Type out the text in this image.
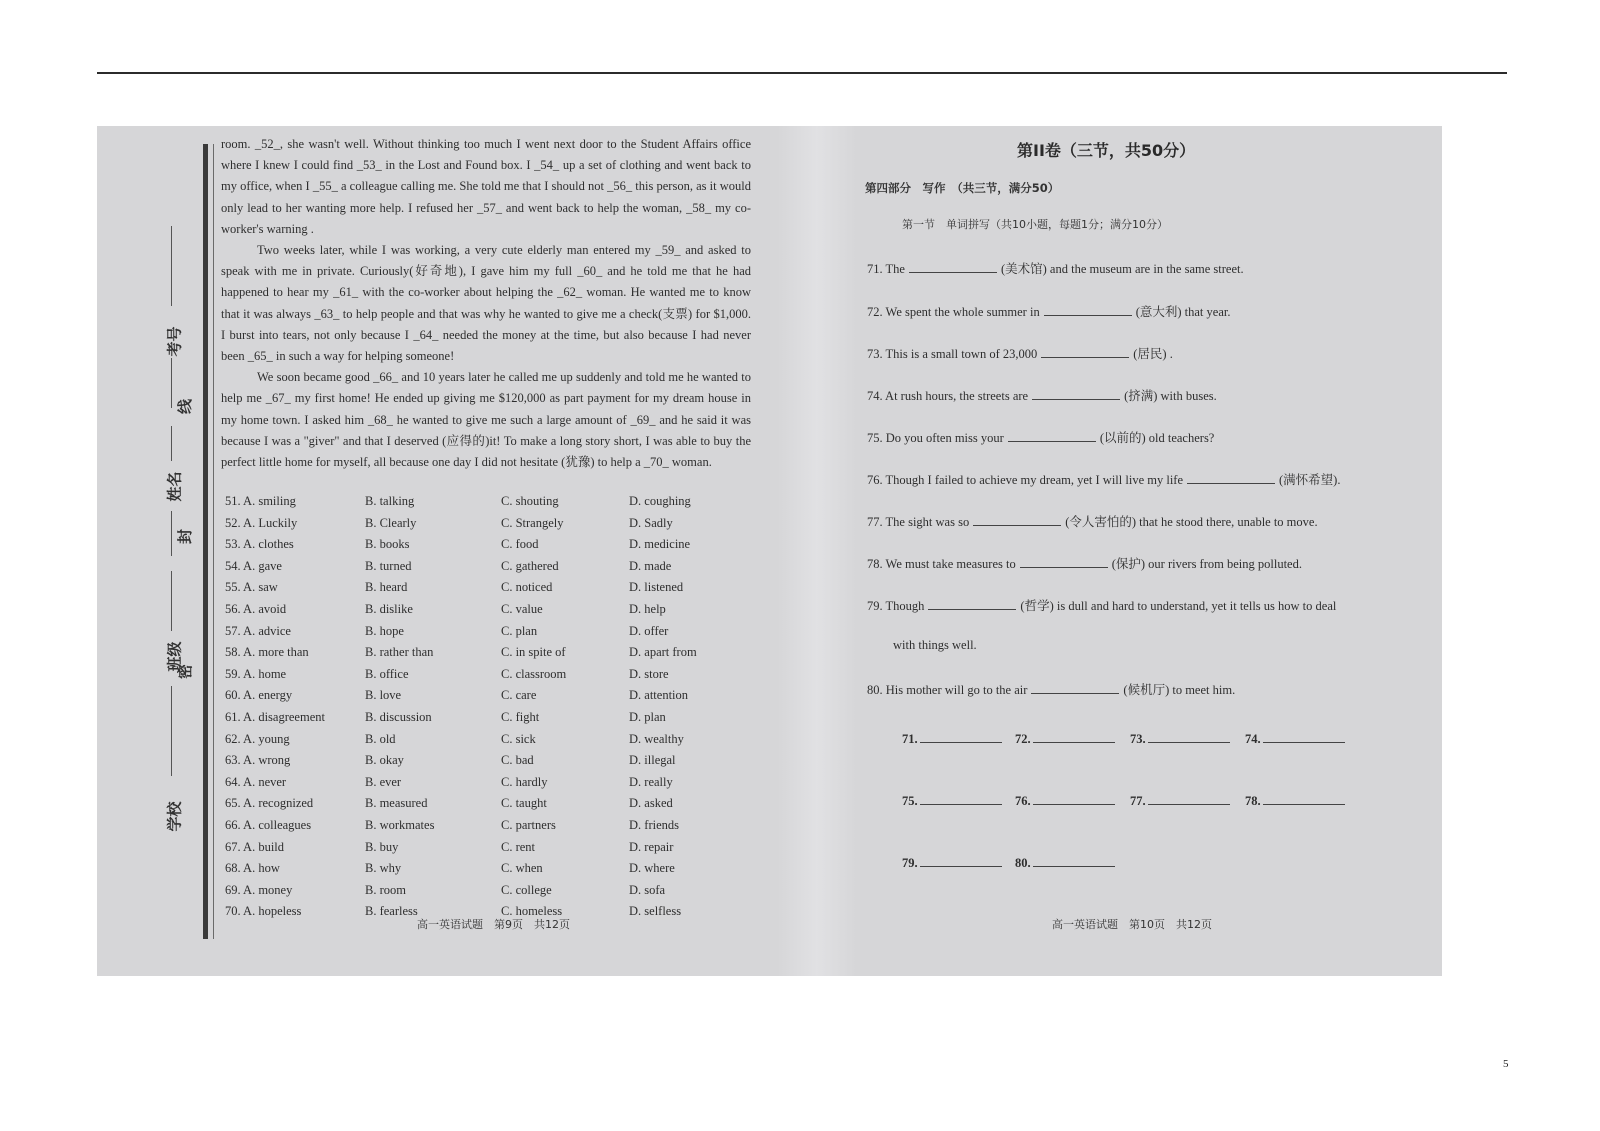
考号
线
姓名
封
班级
密
学校

room. _52_, she wasn't well. Without thinking too much I went next door to the Student Affairs office where I knew I could find _53_ in the Lost and Found box. I _54_ up a set of clothing and went back to my office, when I _55_ a colleague calling me. She told me that I should not _56_ this person, as it would only lead to her wanting more help. I refused her _57_ and went back to help the woman, _58_ my co-worker's warning .

Two weeks later, while I was working, a very cute elderly man entered my _59_ and asked to speak with me in private. Curiously(好奇地), I gave him my full _60_ and he told me that he had happened to hear my _61_ with the co-worker about helping the _62_ woman. He wanted me to know that it was always _63_ to help people and that was why he wanted to give me a check(支票) for $1,000. I burst into tears, not only because I _64_ needed the money at the time, but also because I had never been _65_ in such a way for helping someone!

We soon became good _66_ and 10 years later he called me up suddenly and told me he wanted to help me _67_ my first home! He ended up giving me $120,000 as part payment for my dream house in my home town. I asked him _68_ he wanted to give me such a large amount of _69_ and he said it was because I was a "giver" and that I deserved (应得的)it! To make a long story short, I was able to buy the perfect little home for myself, all because one day I did not hesitate (犹豫) to help a _70_ woman.

51. A. smiling	B. talking	C. shouting	D. coughing
52. A. Luckily	B. Clearly	C. Strangely	D. Sadly
53. A. clothes	B. books	C. food	D. medicine
54. A. gave	B. turned	C. gathered	D. made
55. A. saw	B. heard	C. noticed	D. listened
56. A. avoid	B. dislike	C. value	D. help
57. A. advice	B. hope	C. plan	D. offer
58. A. more than	B. rather than	C. in spite of	D. apart from
59. A. home	B. office	C. classroom	D. store
60. A. energy	B. love	C. care	D. attention
61. A. disagreement	B. discussion	C. fight	D. plan
62. A. young	B. old	C. sick	D. wealthy
63. A. wrong	B. okay	C. bad	D. illegal
64. A. never	B. ever	C. hardly	D. really
65. A. recognized	B. measured	C. taught	D. asked
66. A. colleagues	B. workmates	C. partners	D. friends
67. A. build	B. buy	C. rent	D. repair
68. A. how	B. why	C. when	D. where
69. A. money	B. room	C. college	D. sofa
70. A. hopeless	B. fearless	C. homeless	D. selfless
高一英语试题　第9页　共12页
第II卷（三节，共50分）
第四部分　写作　（共三节，满分50）
第一节　单词拼写（共10小题，每题1分；满分10分）
71. The	(美术馆) and the museum are in the same street.
72. We spent the whole summer in	(意大利) that year.
73. This is a small town of 23,000	(居民) .
74. At rush hours, the streets are	(挤满) with buses.
75. Do you often miss your	(以前的) old teachers?
76. Though I failed to achieve my dream, yet I will live my life	(满怀希望).
77. The sight was so	(令人害怕的) that he stood there, unable to move.
78. We must take measures to	(保护) our rivers from being polluted.
79. Though	(哲学) is dull and hard to understand, yet it tells us how to deal
with things well.
80. His mother will go to the air	(候机厅) to meet him.
71.	72.	73.	74.
75.	76.	77.	78.
79.	80.
高一英语试题　第10页　共12页
5
